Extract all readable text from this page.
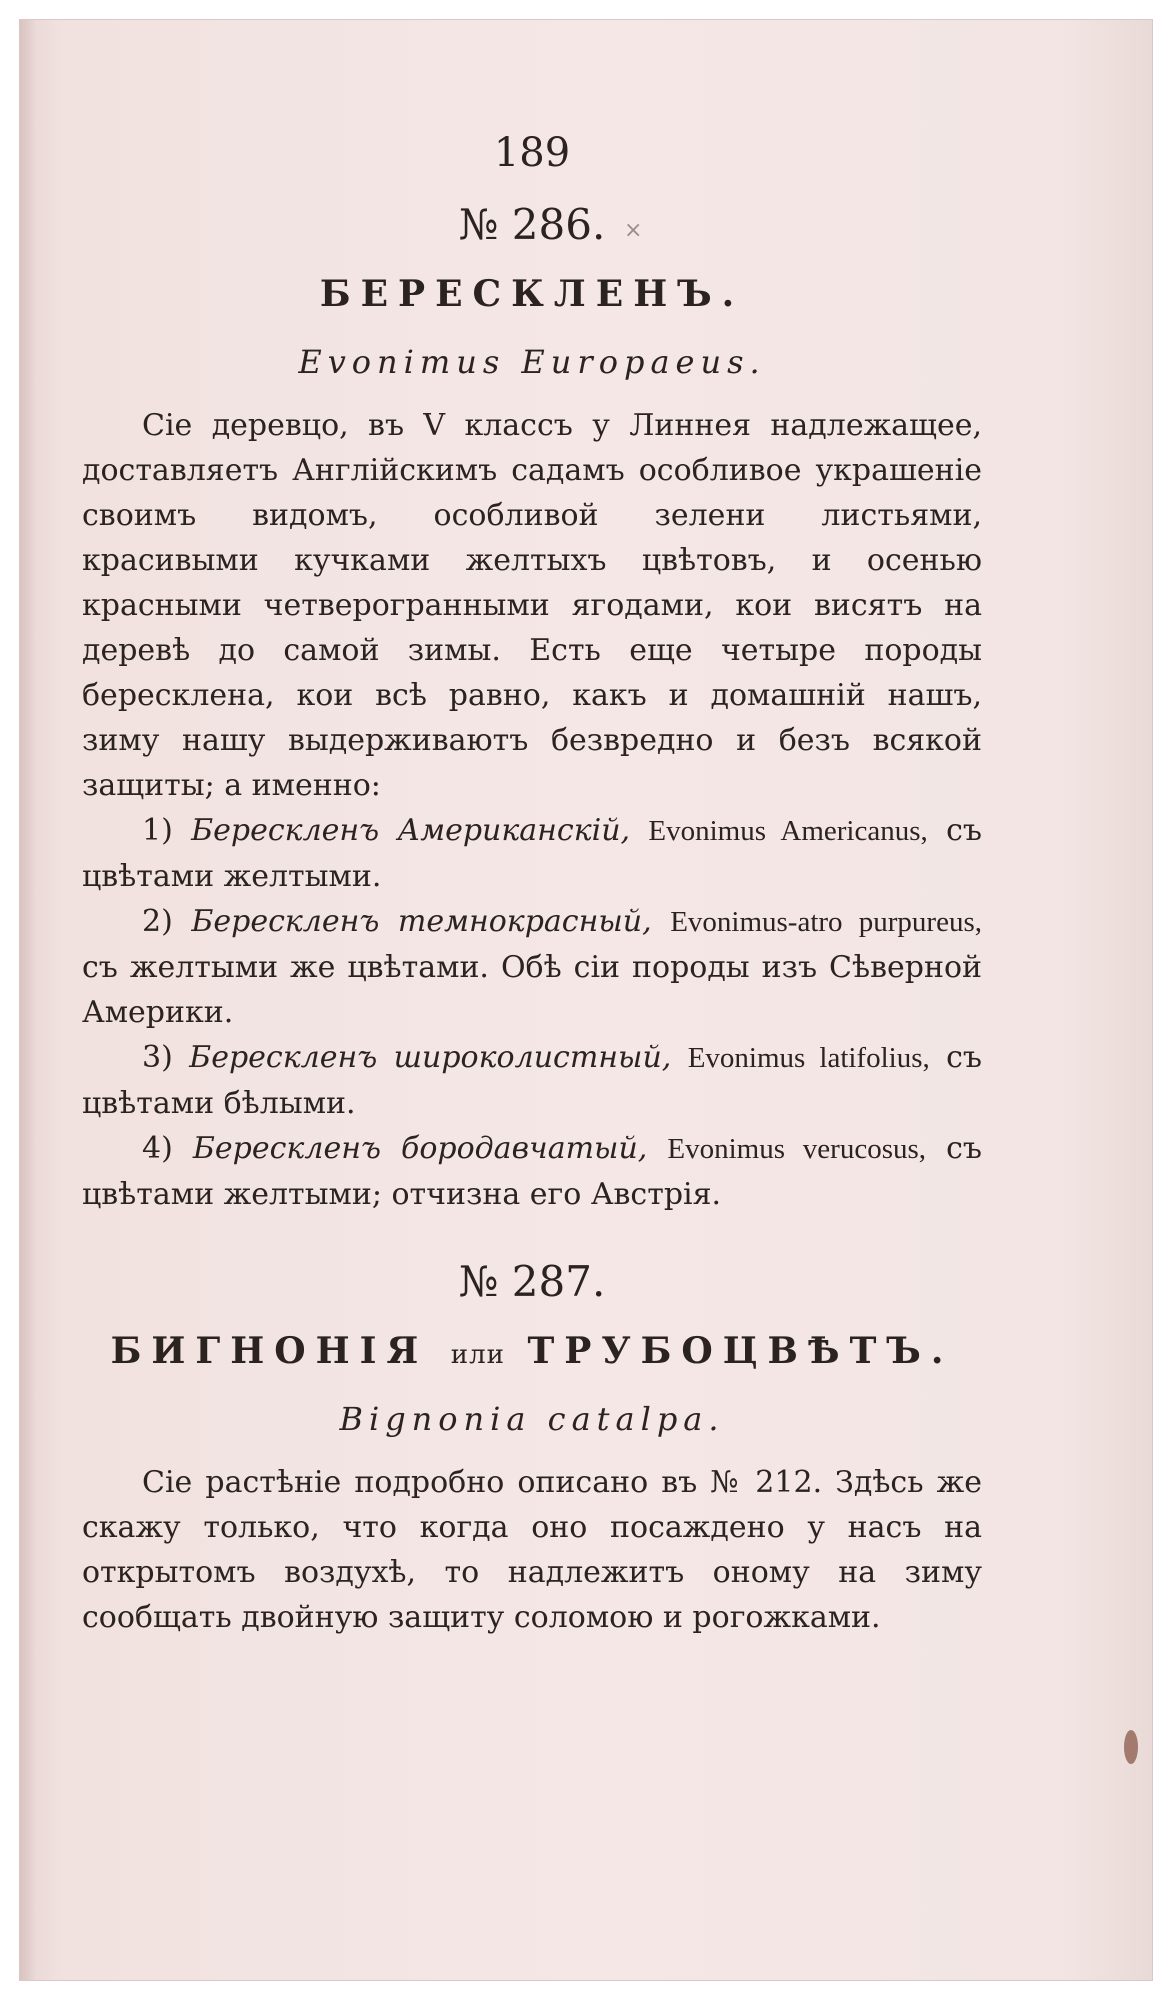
×
189
№ 286.
БЕРЕСКЛЕНЪ.
Evonimus Europaeus.

Сіе деревцо, въ V классъ у Линнея надлежащее, доставляетъ Англійскимъ садамъ особливое украшеніе своимъ видомъ, особливой зелени листьями, красивыми кучками желтыхъ цвѣтовъ, и осенью красными четверогранными ягодами, кои висятъ на деревѣ до самой зимы. Есть еще четыре породы бересклена, кои всѣ равно, какъ и домашній нашъ, зиму нашу выдерживаютъ безвредно и безъ всякой защиты; а именно:

1) Берескленъ Американскій, Evonimus Americanus, съ цвѣтами желтыми.

2) Берескленъ темнокрасный, Evonimus-atro purpureus, съ желтыми же цвѣтами. Обѣ сіи породы изъ Сѣверной Америки.

3) Берескленъ широколистный, Evonimus latifolius, съ цвѣтами бѣлыми.

4) Берескленъ бородавчатый, Evonimus verucosus, съ цвѣтами желтыми; отчизна его Австрія.

№ 287.
БИГНОНІЯ или ТРУБОЦВѢТЪ.
Bignonia catalpa.

Сіе растѣніе подробно описано въ № 212. Здѣсь же скажу только, что когда оно посаждено у насъ на открытомъ воздухѣ, то надлежитъ оному на зиму сообщать двойную защиту соломою и рогожками.
